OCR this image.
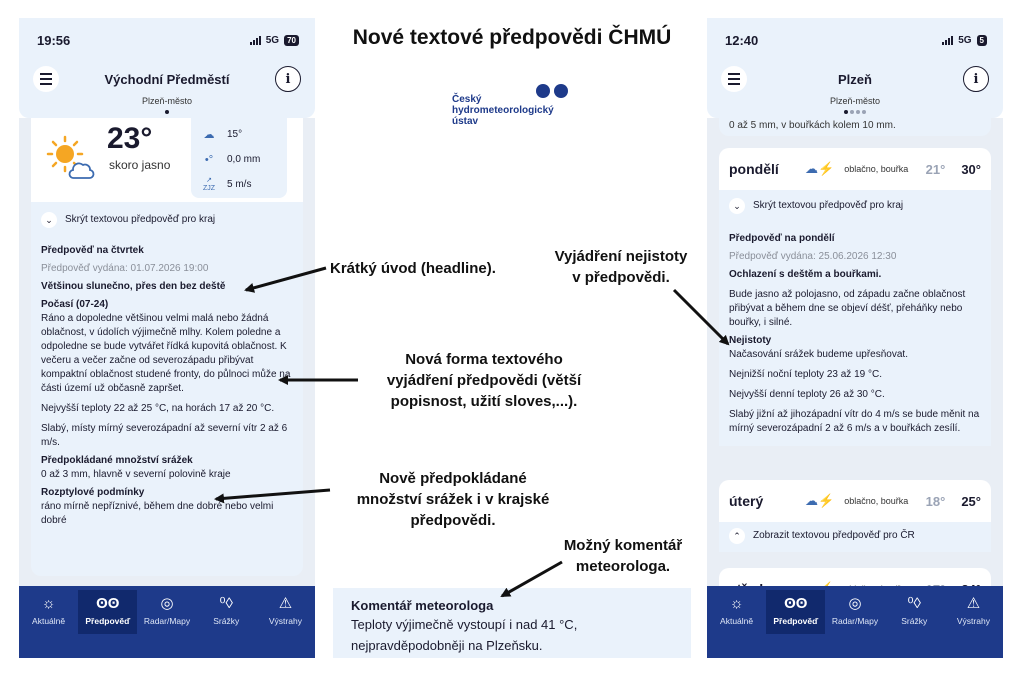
19:56	5G	70
Východní Předměstí	i
Plzeň-město
23°
skoro jasno
☁	15°
•°	0,0 mm
↗
ZJZ 5 m/s
⌄	Skrýt textovou předpověď pro kraj
Předpověď na čtvrtek
Předpověď vydána: 01.07.2026 19:00
Většinou slunečno, přes den bez deště
Počasí (07-24)
Ráno a dopoledne většinou velmi malá nebo žádná oblačnost, v údolích výjimečně mlhy. Kolem poledne a odpoledne se bude vytvářet řídká kupovitá oblačnost. K večeru a večer začne od severozápadu přibývat kompaktní oblačnost studené fronty, do půlnoci může na části území už občasně zapršet.
Nejvyšší teploty 22 až 25 °C, na horách 17 až 20 °C.
Slabý, místy mírný severozápadní až severní vítr 2 až 6 m/s.
Předpokládané množství srážek
0 až 3 mm, hlavně v severní polovině kraje
Rozptylové podmínky
ráno mírně nepříznivé, během dne dobré nebo velmi dobré
☼
Aktuálně
ʘʘ
Předpověď
◎
Radar/Mapy
⁰◊
Srážky
⚠
Výstrahy
12:40	5G	5
Plzeň	i
Plzeň-město
0 až 5 mm, v bouřkách kolem 10 mm.
pondělí	☁⚡ oblačno, bouřka	21° 30°
⌄	Skrýt textovou předpověď pro kraj
Předpověď na pondělí
Předpověď vydána: 25.06.2026 12:30
Ochlazení s deštěm a bouřkami.
Bude jasno až polojasno, od západu začne oblačnost přibývat a během dne se objeví déšť, přeháňky nebo bouřky, i silné.
Nejistoty
Načasování srážek budeme upřesňovat.
Nejnižší noční teploty 23 až 19 °C.
Nejvyšší denní teploty 26 až 30 °C.
Slabý jižní až jihozápadní vítr do 4 m/s se bude měnit na mírný severozápadní 2 až 6 m/s a v bouřkách zesílí.
úterý	☁⚡ oblačno, bouřka	18° 25°
⌃	Zobrazit textovou předpověď pro ČR
☼
Aktuálně
ʘʘ
Předpověď
◎
Radar/Mapy
⁰◊
Srážky
⚠
Výstrahy
Nové textové předpovědi ČHMÚ
Český
hydrometeorologický
ústav
Krátký úvod (headline).
Vyjádření nejistoty
v předpovědi.
Nová forma textového
vyjádření předpovědi (větší
popisnost, užití sloves,...).
Nově předpokládané
množství srážek i v krajské
předpovědi.
Možný komentář
meteorologa.
Komentář meteorologa
Teploty výjimečně vystoupí i nad 41 °C,
nejpravděpodobněji na Plzeňsku.
